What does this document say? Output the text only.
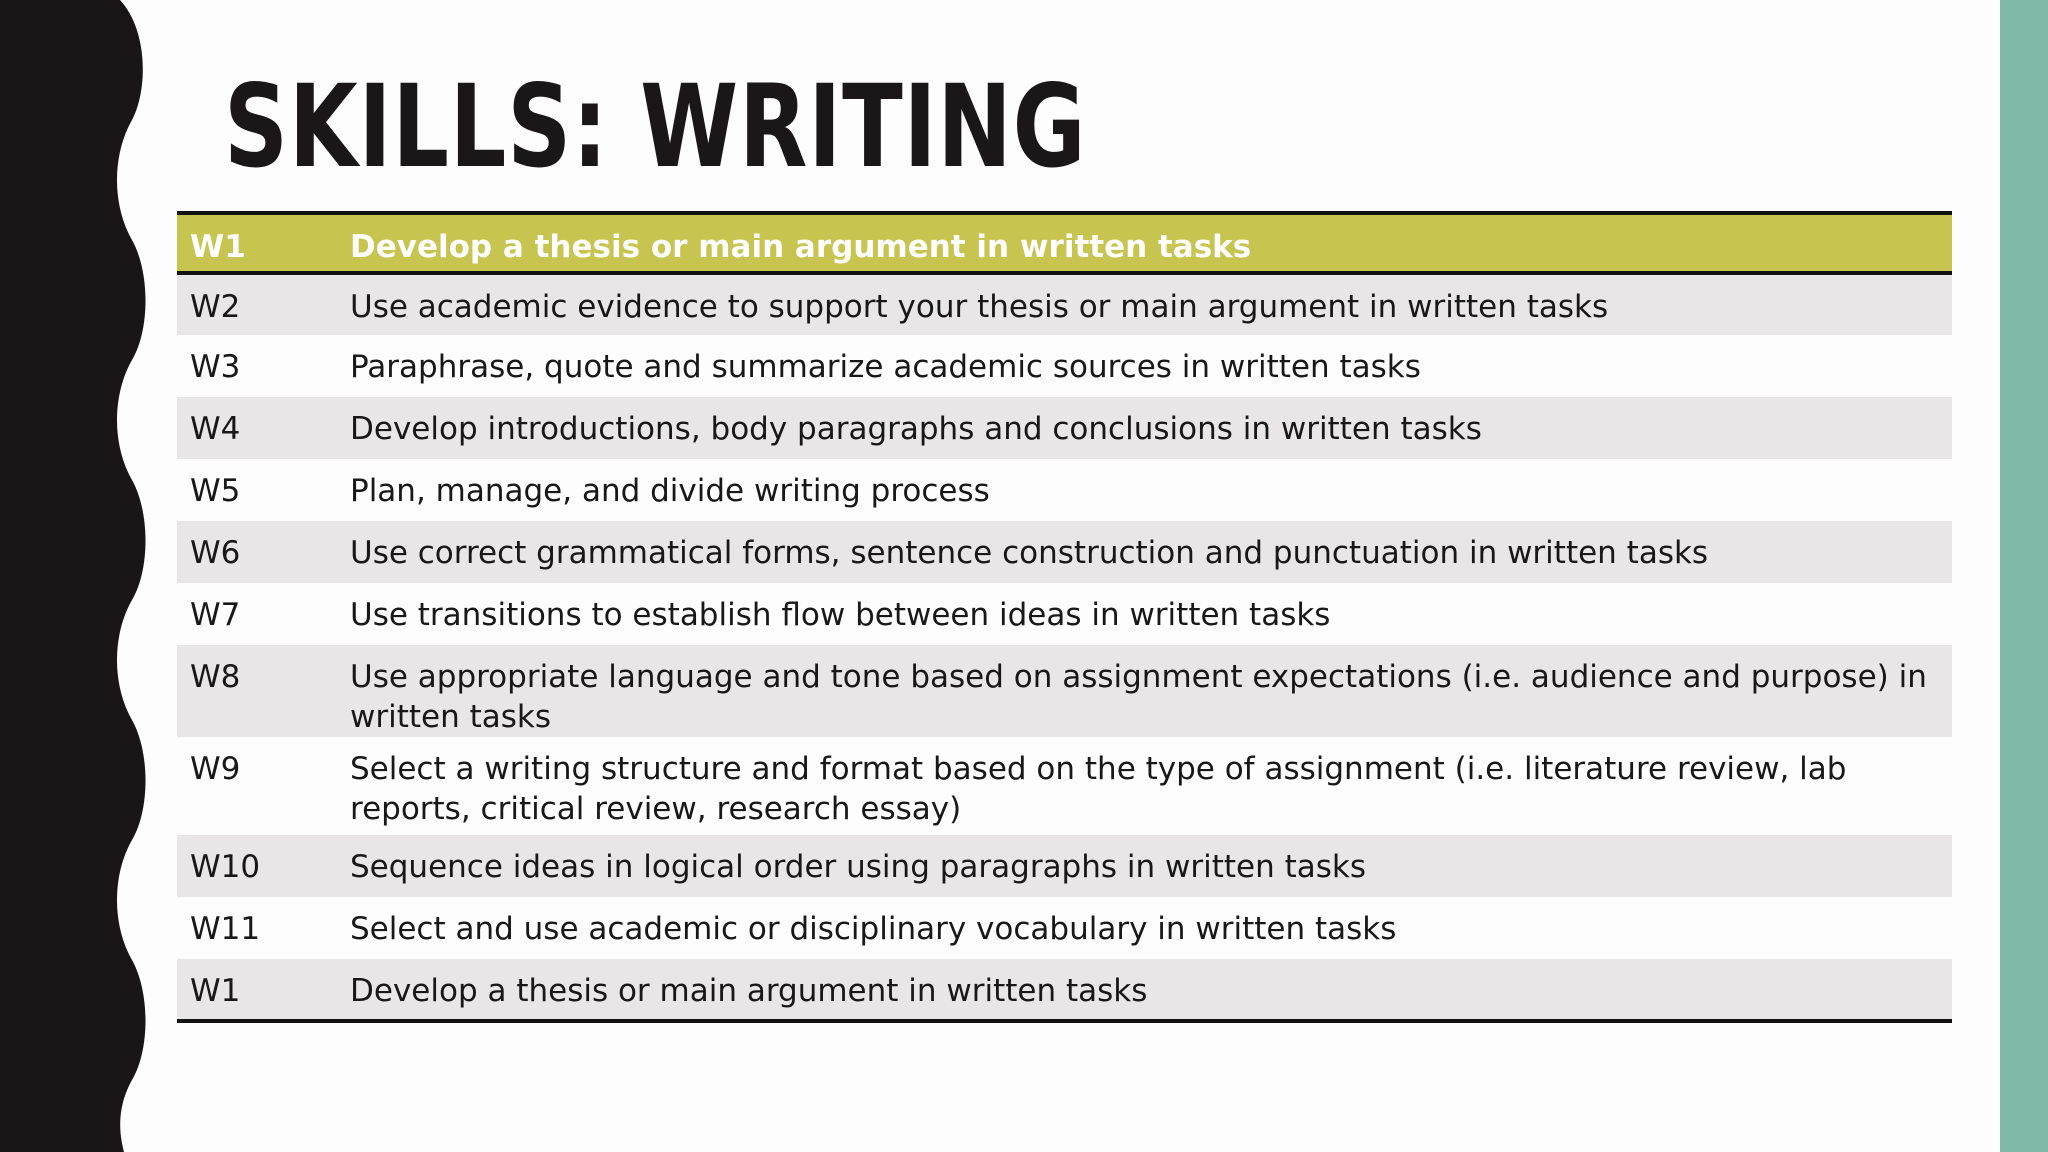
SKILLS: WRITING
W1	Develop a thesis or main argument in written tasks
W2	Use academic evidence to support your thesis or main argument in written tasks
W3	Paraphrase, quote and summarize academic sources in written tasks
W4	Develop introductions, body paragraphs and conclusions in written tasks
W5	Plan, manage, and divide writing process
W6	Use correct grammatical forms, sentence construction and punctuation in written tasks
W7	Use transitions to establish flow between ideas in written tasks
W8	Use appropriate language and tone based on assignment expectations (i.e. audience and purpose) in written tasks
W9	Select a writing structure and format based on the type of assignment (i.e. literature review, lab reports, critical review, research essay)
W10	Sequence ideas in logical order using paragraphs in written tasks
W11	Select and use academic or disciplinary vocabulary in written tasks
W1	Develop a thesis or main argument in written tasks
